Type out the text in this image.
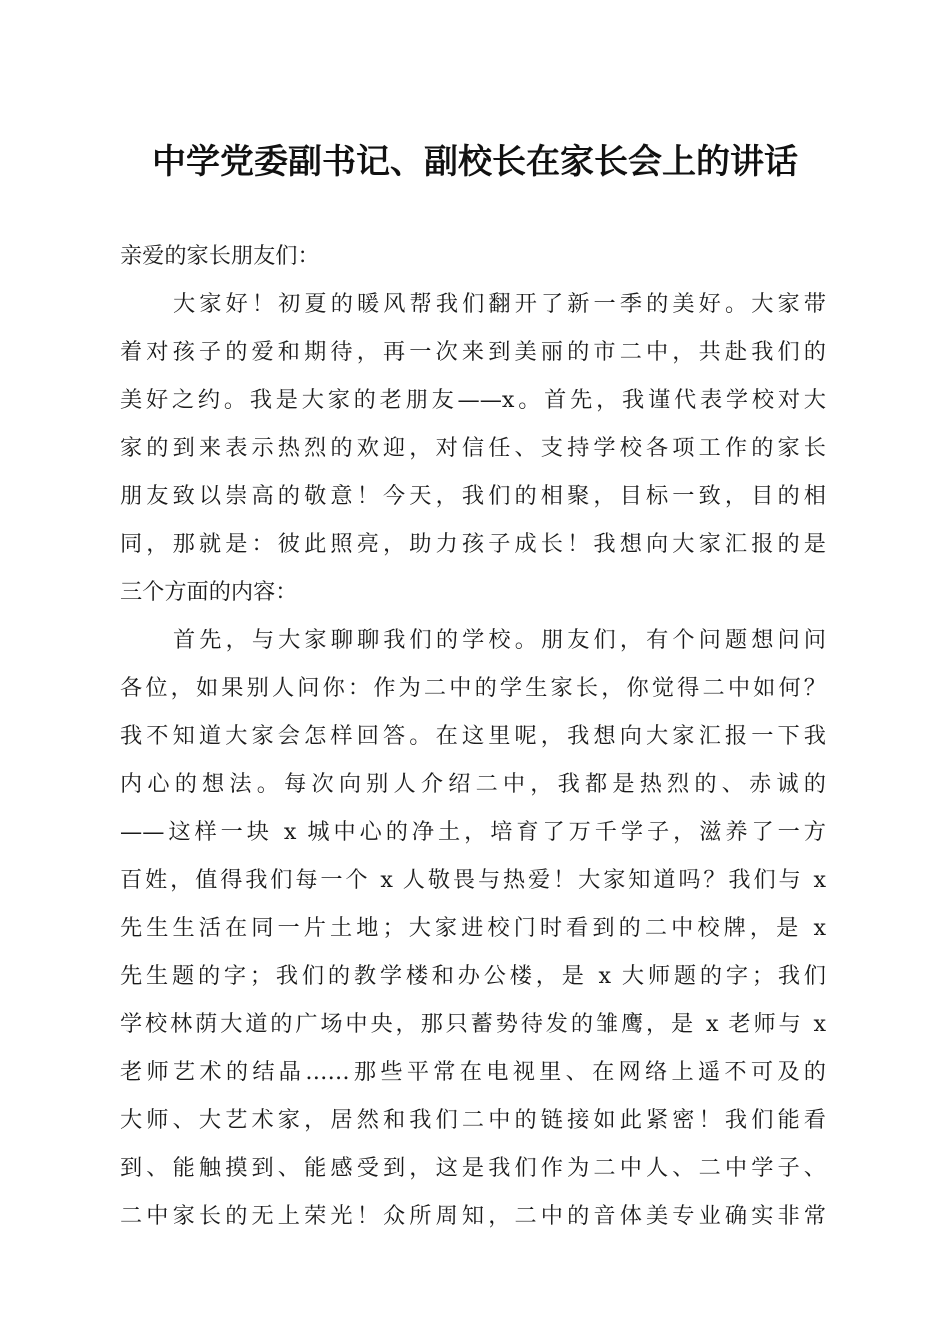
中学党委副书记、副校长在家长会上的讲话
亲爱的家长朋友们：
大家好！初夏的暖风帮我们翻开了新一季的美好。大家带
着对孩子的爱和期待，再一次来到美丽的市二中，共赴我们的
美好之约。我是大家的老朋友——x。首先，我谨代表学校对大
家的到来表示热烈的欢迎，对信任、支持学校各项工作的家长
朋友致以崇高的敬意！今天，我们的相聚，目标一致，目的相
同，那就是：彼此照亮，助力孩子成长！我想向大家汇报的是
三个方面的内容：
首先，与大家聊聊我们的学校。朋友们，有个问题想问问
各位，如果别人问你：作为二中的学生家长，你觉得二中如何？
我不知道大家会怎样回答。在这里呢，我想向大家汇报一下我
内心的想法。每次向别人介绍二中，我都是热烈的、赤诚的
——这样一块 x 城中心的净土，培育了万千学子，滋养了一方
百姓，值得我们每一个 x 人敬畏与热爱！大家知道吗？我们与 x
先生生活在同一片土地；大家进校门时看到的二中校牌，是 x
先生题的字；我们的教学楼和办公楼，是 x 大师题的字；我们
学校林荫大道的广场中央，那只蓄势待发的雏鹰，是 x 老师与 x
老师艺术的结晶……那些平常在电视里、在网络上遥不可及的
大师、大艺术家，居然和我们二中的链接如此紧密！我们能看
到、能触摸到、能感受到，这是我们作为二中人、二中学子、
二中家长的无上荣光！众所周知，二中的音体美专业确实非常
